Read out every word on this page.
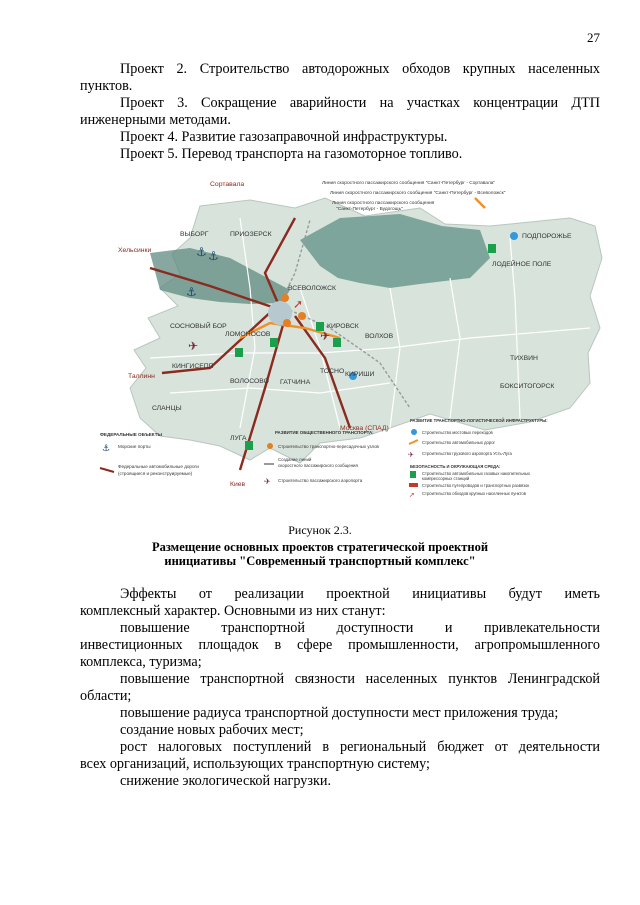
27
Проект 2. Строительство автодорожных обходов крупных населенных
пунктов.
Проект 3. Сокращение аварийности на участках концентрации ДТП
инженерными методами.
Проект 4. Развитие газозаправочной инфраструктуры.
Проект 5. Перевод транспорта на газомоторное топливо.
⚓
⚓
⚓
✈
✈
➚
Сортавала
ВЫБОРГ	ПРИОЗЕРСК
Хельсинки
ВСЕВОЛОЖСК
СОСНОВЫЙ БОР
ЛОМОНОСОВ
КИРОВСК
ВОЛХОВ
ТИХВИН
ПОДПОРОЖЬЕ
ЛОДЕЙНОЕ ПОЛЕ
КИНГИСЕПП
ВОЛОСОВО ГАТЧИНА
ТОСНО КИРИШИ
БОКСИТОГОРСК
Таллинн
СЛАНЦЫ
ЛУГА
Киев
Москва (СПАД)
Линия скоростного пассажирского сообщения "Санкт-Петербург - Сортавала"
Линия скоростного пассажирского сообщения "Санкт-Петербург - Всеволожск"
Линия скоростного пассажирского сообщения
"Санкт-Петербург - Будогощь"
ФЕДЕРАЛЬНЫЕ ОБЪЕКТЫ
⚓ Морские порты
Федеральные автомобильные дороги
(строящиеся и реконструируемые)
РАЗВИТИЕ ОБЩЕСТВЕННОГО ТРАНСПОРТА:
Строительство транспортно-пересадочных узлов
Создание линий
скоростного пассажирского сообщения
✈ Строительство пассажирского аэропорта
РАЗВИТИЕ ТРАНСПОРТНО-ЛОГИСТИЧЕСКОЙ ИНФРАСТРУКТУРЫ:
Строительство мостовых переходов
Строительство автомобильных дорог
✈ Строительство грузового аэропорта Усть-Луга
БЕЗОПАСНОСТЬ И ОКРУЖАЮЩАЯ СРЕДА:
Строительство автомобильных газовых накопительных
компрессорных станций
Строительство путепроводов и транспортных развязок
➚ Строительство обходов крупных населенных пунктов
Рисунок 2.3.
Размещение основных проектов стратегической проектной
инициативы "Современный транспортный комплекс"
Эффекты от реализации проектной инициативы будут иметь
комплексный характер. Основными из них станут:
повышение транспортной доступности и привлекательности
инвестиционных площадок в сфере промышленности, агропромышленного
комплекса, туризма;
повышение транспортной связности населенных пунктов Ленинградской
области;
повышение радиуса транспортной доступности мест приложения труда;
создание новых рабочих мест;
рост налоговых поступлений в региональный бюджет от деятельности
всех организаций, использующих транспортную систему;
снижение экологической нагрузки.
